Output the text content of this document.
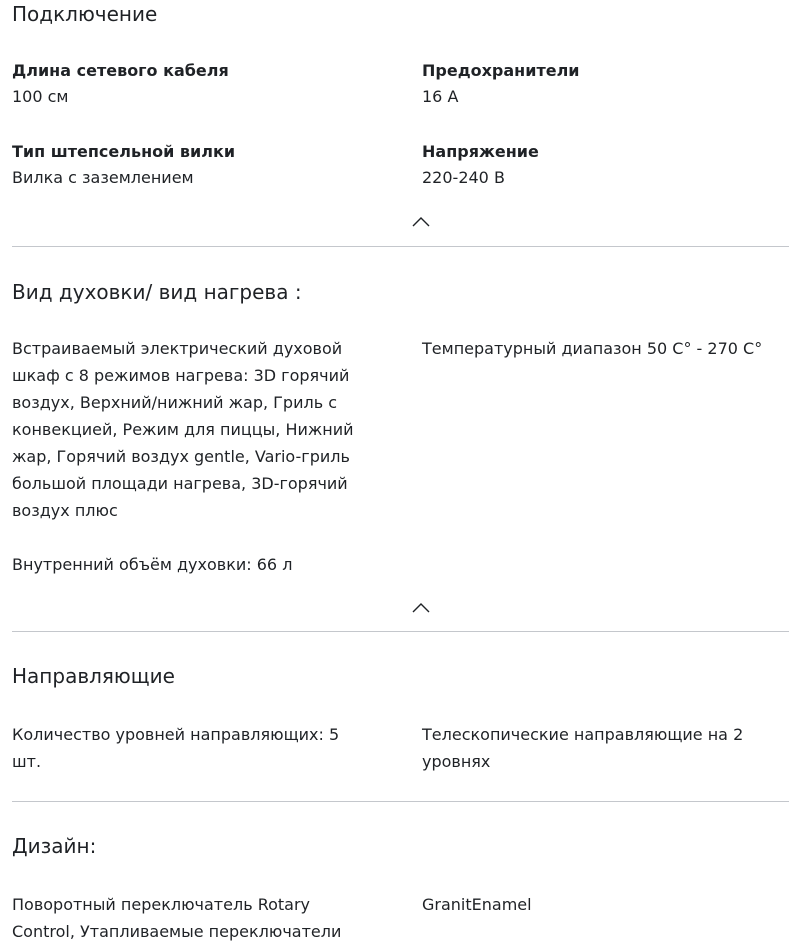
Подключение
Длина сетевого кабеля
100 см
Предохранители
16 А
Тип штепсельной вилки
Вилка с заземлением
Напряжение
220-240 В
Вид духовки/ вид нагрева :
Встраиваемый электрический духовой шкаф с 8 режимов нагрева: 3D горячий воздух, Верхний/нижний жар, Гриль с конвекцией, Режим для пиццы, Нижний жар, Горячий воздух gentle, Vario-гриль большой площади нагрева, 3D-горячий воздух плюс
Температурный диапазон 50 C° - 270 C°
Внутренний объём духовки: 66 л
Направляющие
Количество уровней направляющих: 5 шт.
Телескопические направляющие на 2 уровнях
Дизайн:
Поворотный переключатель Rotary Control, Утапливаемые переключатели
GranitEnamel
